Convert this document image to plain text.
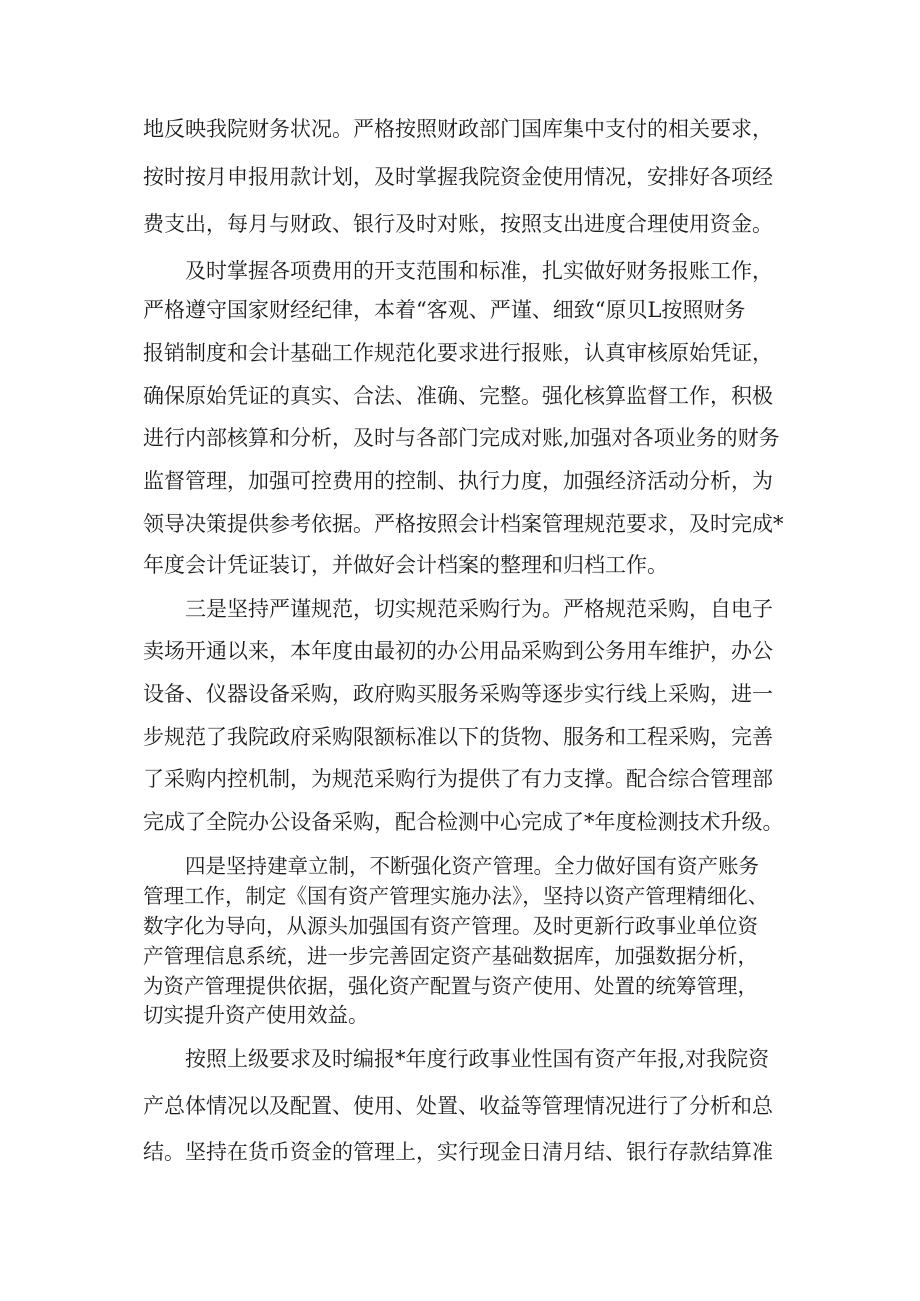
地反映我院财务状况。严格按照财政部门国库集中支付的相关要求，

按时按月申报用款计划，及时掌握我院资金使用情况，安排好各项经

费支出，每月与财政、银行及时对账，按照支出进度合理使用资金。

及时掌握各项费用的开支范围和标准，扎实做好财务报账工作，

严格遵守国家财经纪律，本着“客观、严谨、细致“原贝L按照财务

报销制度和会计基础工作规范化要求进行报账，认真审核原始凭证，

确保原始凭证的真实、合法、准确、完整。强化核算监督工作，积极

进行内部核算和分析，及时与各部门完成对账,加强对各项业务的财务

监督管理，加强可控费用的控制、执行力度，加强经济活动分析，为

领导决策提供参考依据。严格按照会计档案管理规范要求，及时完成*

年度会计凭证装订，并做好会计档案的整理和归档工作。

三是坚持严谨规范，切实规范采购行为。严格规范采购，自电子

卖场开通以来，本年度由最初的办公用品采购到公务用车维护，办公

设备、仪器设备采购，政府购买服务采购等逐步实行线上采购，进一

步规范了我院政府采购限额标准以下的货物、服务和工程采购，完善

了采购内控机制，为规范采购行为提供了有力支撑。配合综合管理部

完成了全院办公设备采购，配合检测中心完成了*年度检测技术升级。

四是坚持建章立制，不断强化资产管理。全力做好国有资产账务

管理工作，制定《国有资产管理实施办法》，坚持以资产管理精细化、

数字化为导向，从源头加强国有资产管理。及时更新行政事业单位资

产管理信息系统，进一步完善固定资产基础数据库，加强数据分析，

为资产管理提供依据，强化资产配置与资产使用、处置的统筹管理，

切实提升资产使用效益。

按照上级要求及时编报*年度行政事业性国有资产年报,对我院资

产总体情况以及配置、使用、处置、收益等管理情况进行了分析和总

结。坚持在货币资金的管理上，实行现金日清月结、银行存款结算准
